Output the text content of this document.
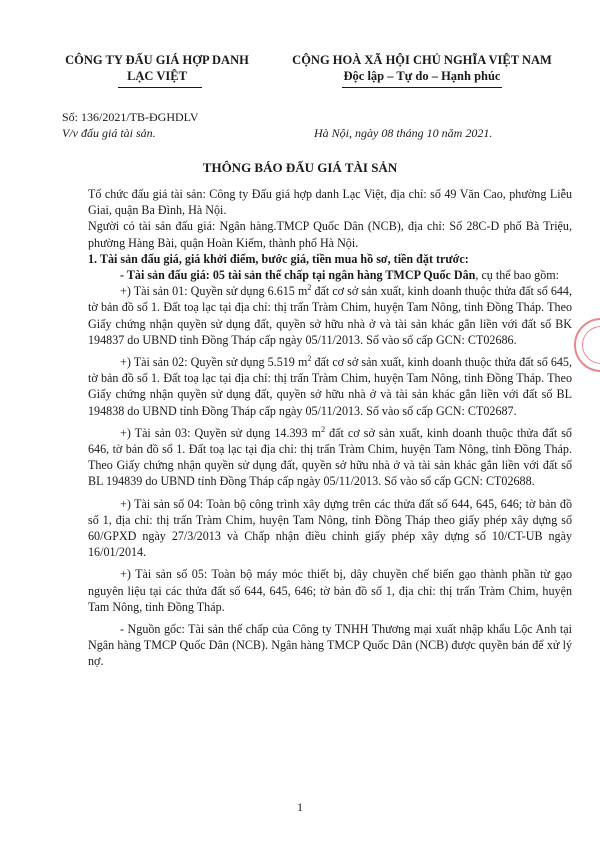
CÔNG TY ĐẤU GIÁ HỢP DANH
LẠC VIỆT
CỘNG HOÀ XÃ HỘI CHỦ NGHĨA VIỆT NAM
Độc lập – Tự do – Hạnh phúc
Số: 136/2021/TB-ĐGHDLV
V/v đấu giá tài sản.	Hà Nội, ngày 08 tháng 10 năm 2021.
THÔNG BÁO ĐẤU GIÁ TÀI SẢN

Tổ chức đấu giá tài sản: Công ty Đấu giá hợp danh Lạc Việt, địa chỉ: số 49 Văn Cao, phường Liễu Giai, quận Ba Đình, Hà Nội.

Người có tài sản đấu giá: Ngân hàng.TMCP Quốc Dân (NCB), địa chỉ: Số 28C-D phố Bà Triệu, phường Hàng Bài, quận Hoàn Kiếm, thành phố Hà Nội.

1. Tài sản đấu giá, giá khởi điểm, bước giá, tiền mua hồ sơ, tiền đặt trước:

- Tài sản đấu giá: 05 tài sản thế chấp tại ngân hàng TMCP Quốc Dân, cụ thể bao gồm:

+) Tài sản 01: Quyền sử dụng 6.615 $m^2$ đất cơ sở sản xuất, kinh doanh thuộc thửa đất số 644, tờ bản đồ số 1. Đất toạ lạc tại địa chỉ: thị trấn Tràm Chim, huyện Tam Nông, tỉnh Đồng Tháp. Theo Giấy chứng nhận quyền sử dụng đất, quyền sở hữu nhà ở và tài sản khác gắn liền với đất số BK 194837 do UBND tỉnh Đồng Tháp cấp ngày 05/11/2013. Số vào sổ cấp GCN: CT02686.

+) Tài sản 02: Quyền sử dụng 5.519 $m^2$ đất cơ sở sản xuất, kinh doanh thuộc thửa đất số 645, tờ bản đồ số 1. Đất toạ lạc tại địa chỉ: thị trấn Tràm Chim, huyện Tam Nông, tỉnh Đồng Tháp. Theo Giấy chứng nhận quyền sử dụng đất, quyền sở hữu nhà ở và tài sản khác gắn liền với đất số BL 194838 do UBND tỉnh Đồng Tháp cấp ngày 05/11/2013. Số vào sổ cấp GCN: CT02687.

+) Tài sản 03: Quyền sử dụng 14.393 $m^2$ đất cơ sở sản xuất, kinh doanh thuộc thửa đất số 646, tờ bản đồ số 1. Đất toạ lạc tại địa chỉ: thị trấn Tràm Chim, huyện Tam Nông, tỉnh Đồng Tháp. Theo Giấy chứng nhận quyền sử dụng đất, quyền sở hữu nhà ở và tài sản khác gắn liền với đất số BL 194839 do UBND tỉnh Đồng Tháp cấp ngày 05/11/2013. Số vào sổ cấp GCN: CT02688.

+) Tài sản số 04: Toàn bộ công trình xây dựng trên các thửa đất số 644, 645, 646; tờ bản đồ số 1, địa chỉ: thị trấn Tràm Chim, huyện Tam Nông, tỉnh Đồng Tháp theo giấy phép xây dựng số 60/GPXD ngày 27/3/2013 và Chấp nhận điều chỉnh giấy phép xây dựng số 10/CT-UB ngày 16/01/2014.

+) Tài sản số 05: Toàn bộ máy móc thiết bị, dây chuyền chế biến gạo thành phần từ gạo nguyên liệu tại các thửa đất số 644, 645, 646; tờ bản đồ số 1, địa chỉ: thị trấn Tràm Chim, huyện Tam Nông, tỉnh Đồng Tháp.

- Nguồn gốc: Tài sản thế chấp của Công ty TNHH Thương mại xuất nhập khẩu Lộc Anh tại Ngân hàng TMCP Quốc Dân (NCB). Ngân hàng TMCP Quốc Dân (NCB) được quyền bán để xử lý nợ.

1
